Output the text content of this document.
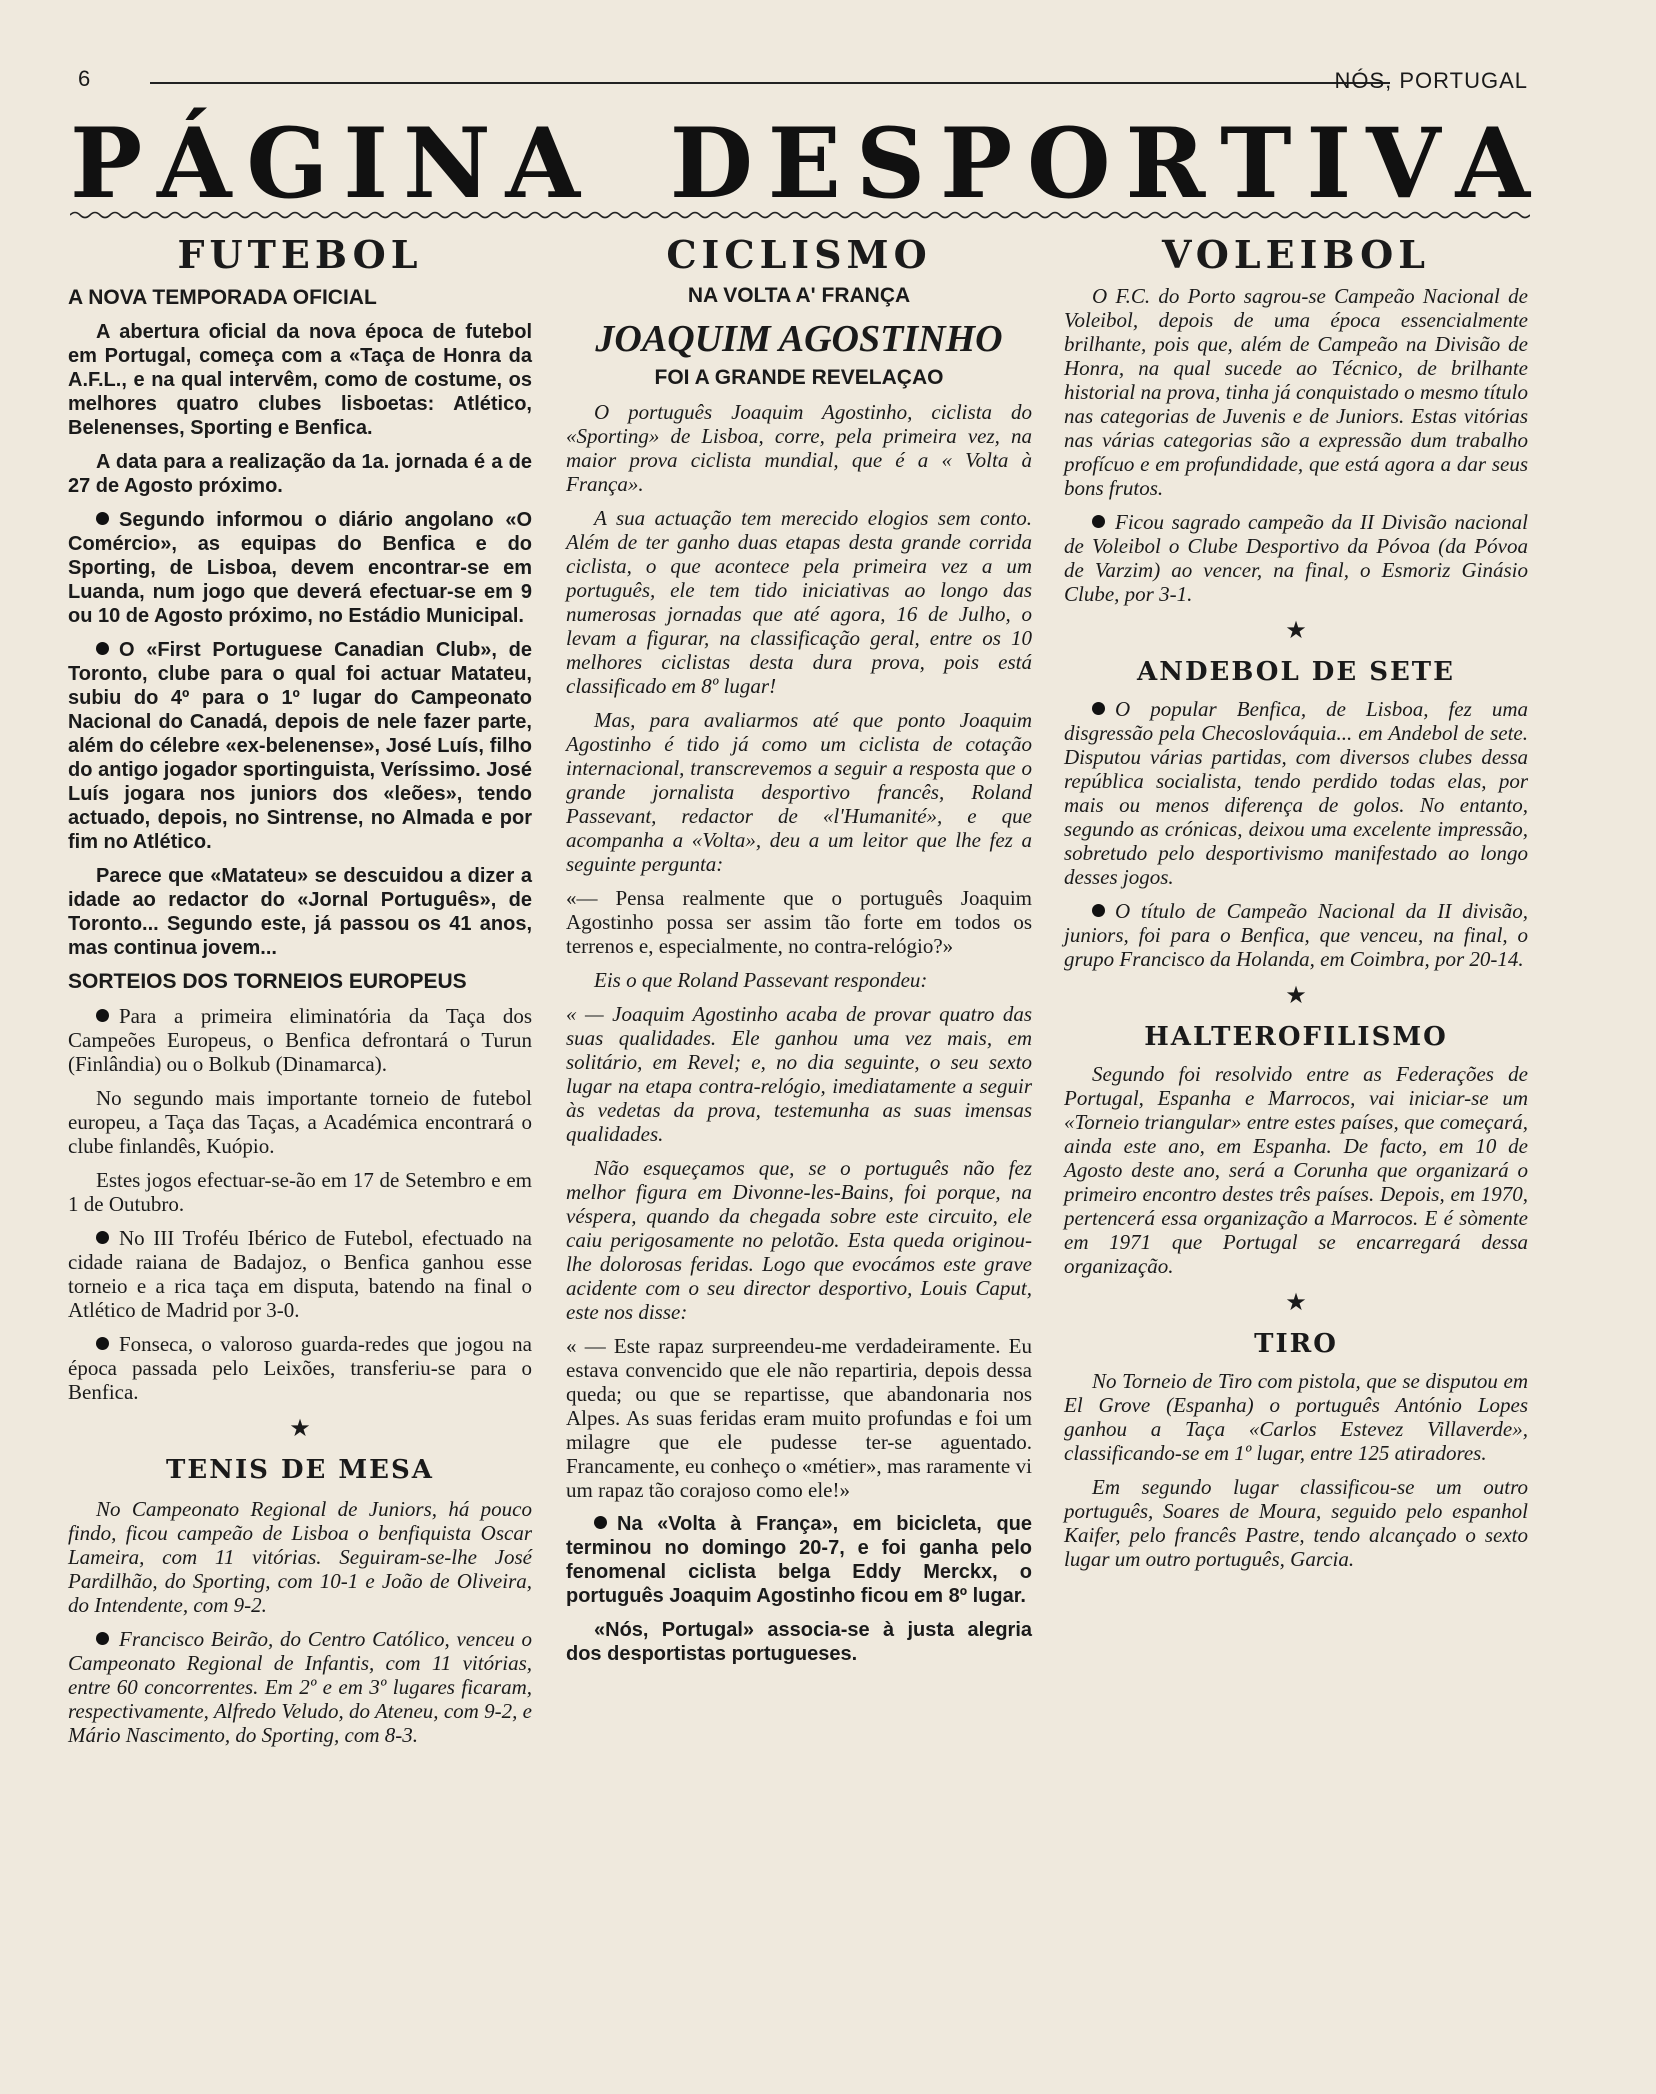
6	NÓS, PORTUGAL
P Á G I N A D E S P O R T I V A
FUTEBOL
A NOVA TEMPORADA OFICIAL

A abertura oficial da nova época de futebol em Portugal, começa com a «Taça de Honra da A.F.L., e na qual intervêm, como de costume, os melhores quatro clubes lisboetas: Atlético, Belenenses, Sporting e Benfica.

A data para a realização da 1a. jornada é a de 27 de Agosto próximo.

Segundo informou o diário angolano «O Comércio», as equipas do Benfica e do Sporting, de Lisboa, devem encontrar-se em Luanda, num jogo que deverá efectuar-se em 9 ou 10 de Agosto próximo, no Estádio Municipal.

O «First Portuguese Canadian Club», de Toronto, clube para o qual foi actuar Matateu, subiu do 4º para o 1º lugar do Campeonato Nacional do Canadá, depois de nele fazer parte, além do célebre «ex-belenense», José Luís, filho do antigo jogador sportinguista, Veríssimo. José Luís jogara nos juniors dos «leões», tendo actuado, depois, no Sintrense, no Almada e por fim no Atlético.

Parece que «Matateu» se descuidou a dizer a idade ao redactor do «Jornal Português», de Toronto... Segundo este, já passou os 41 anos, mas continua jovem...

SORTEIOS DOS TORNEIOS EUROPEUS

Para a primeira eliminatória da Taça dos Campeões Europeus, o Benfica defrontará o Turun (Finlândia) ou o Bolkub (Dinamarca).

No segundo mais importante torneio de futebol europeu, a Taça das Taças, a Académica encontrará o clube finlandês, Kuópio.

Estes jogos efectuar-se-ão em 17 de Setembro e em 1 de Outubro.

No III Troféu Ibérico de Futebol, efectuado na cidade raiana de Badajoz, o Benfica ganhou esse torneio e a rica taça em disputa, batendo na final o Atlético de Madrid por 3-0.

Fonseca, o valoroso guarda-redes que jogou na época passada pelo Leixões, transferiu-se para o Benfica.

★
TENIS DE MESA

No Campeonato Regional de Juniors, há pouco findo, ficou campeão de Lisboa o benfiquista Oscar Lameira, com 11 vitórias. Seguiram-se-lhe José Pardilhão, do Sporting, com 10-1 e João de Oliveira, do Intendente, com 9-2.

Francisco Beirão, do Centro Católico, venceu o Campeonato Regional de Infantis, com 11 vitórias, entre 60 concorrentes. Em 2º e em 3º lugares ficaram, respectivamente, Alfredo Veludo, do Ateneu, com 9-2, e Mário Nascimento, do Sporting, com 8-3.

CICLISMO
NA VOLTA A' FRANÇA
JOAQUIM AGOSTINHO
FOI A GRANDE REVELAÇAO

O português Joaquim Agostinho, ciclista do «Sporting» de Lisboa, corre, pela primeira vez, na maior prova ciclista mundial, que é a « Volta à França».

A sua actuação tem merecido elogios sem conto. Além de ter ganho duas etapas desta grande corrida ciclista, o que acontece pela primeira vez a um português, ele tem tido iniciativas ao longo das numerosas jornadas que até agora, 16 de Julho, o levam a figurar, na classificação geral, entre os 10 melhores ciclistas desta dura prova, pois está classificado em 8º lugar!

Mas, para avaliarmos até que ponto Joaquim Agostinho é tido já como um ciclista de cotação internacional, transcrevemos a seguir a resposta que o grande jornalista desportivo francês, Roland Passevant, redactor de «l'Humanité», e que acompanha a «Volta», deu a um leitor que lhe fez a seguinte pergunta:

«— Pensa realmente que o português Joaquim Agostinho possa ser assim tão forte em todos os terrenos e, especialmente, no contra-relógio?»

Eis o que Roland Passevant respondeu:

« — Joaquim Agostinho acaba de provar quatro das suas qualidades. Ele ganhou uma vez mais, em solitário, em Revel; e, no dia seguinte, o seu sexto lugar na etapa contra-relógio, imediatamente a seguir às vedetas da prova, testemunha as suas imensas qualidades.

Não esqueçamos que, se o português não fez melhor figura em Divonne-les-Bains, foi porque, na véspera, quando da chegada sobre este circuito, ele caiu perigosamente no pelotão. Esta queda originou-lhe dolorosas feridas. Logo que evocámos este grave acidente com o seu director desportivo, Louis Caput, este nos disse:

« — Este rapaz surpreendeu-me verdadeiramente. Eu estava convencido que ele não repartiria, depois dessa queda; ou que se repartisse, que abandonaria nos Alpes. As suas feridas eram muito profundas e foi um milagre que ele pudesse ter-se aguentado. Francamente, eu conheço o «métier», mas raramente vi um rapaz tão corajoso como ele!»

Na «Volta à França», em bicicleta, que terminou no domingo 20-7, e foi ganha pelo fenomenal ciclista belga Eddy Merckx, o português Joaquim Agostinho ficou em 8º lugar.

«Nós, Portugal» associa-se à justa alegria dos desportistas portugueses.

VOLEIBOL

O F.C. do Porto sagrou-se Campeão Nacional de Voleibol, depois de uma época essencialmente brilhante, pois que, além de Campeão na Divisão de Honra, na qual sucede ao Técnico, de brilhante historial na prova, tinha já conquistado o mesmo título nas categorias de Juvenis e de Juniors. Estas vitórias nas várias categorias são a expressão dum trabalho profícuo e em profundidade, que está agora a dar seus bons frutos.

Ficou sagrado campeão da II Divisão nacional de Voleibol o Clube Desportivo da Póvoa (da Póvoa de Varzim) ao vencer, na final, o Esmoriz Ginásio Clube, por 3-1.

★
ANDEBOL DE SETE

O popular Benfica, de Lisboa, fez uma disgressão pela Checoslováquia... em Andebol de sete. Disputou várias partidas, com diversos clubes dessa república socialista, tendo perdido todas elas, por mais ou menos diferença de golos. No entanto, segundo as crónicas, deixou uma excelente impressão, sobretudo pelo desportivismo manifestado ao longo desses jogos.

O título de Campeão Nacional da II divisão, juniors, foi para o Benfica, que venceu, na final, o grupo Francisco da Holanda, em Coimbra, por 20-14.

★
HALTEROFILISMO

Segundo foi resolvido entre as Federações de Portugal, Espanha e Marrocos, vai iniciar-se um «Torneio triangular» entre estes países, que começará, ainda este ano, em Espanha. De facto, em 10 de Agosto deste ano, será a Corunha que organizará o primeiro encontro destes três países. Depois, em 1970, pertencerá essa organização a Marrocos. E é sòmente em 1971 que Portugal se encarregará dessa organização.

★
TIRO

No Torneio de Tiro com pistola, que se disputou em El Grove (Espanha) o português António Lopes ganhou a Taça «Carlos Estevez Villaverde», classificando-se em 1º lugar, entre 125 atiradores.

Em segundo lugar classificou-se um outro português, Soares de Moura, seguido pelo espanhol Kaifer, pelo francês Pastre, tendo alcançado o sexto lugar um outro português, Garcia.
